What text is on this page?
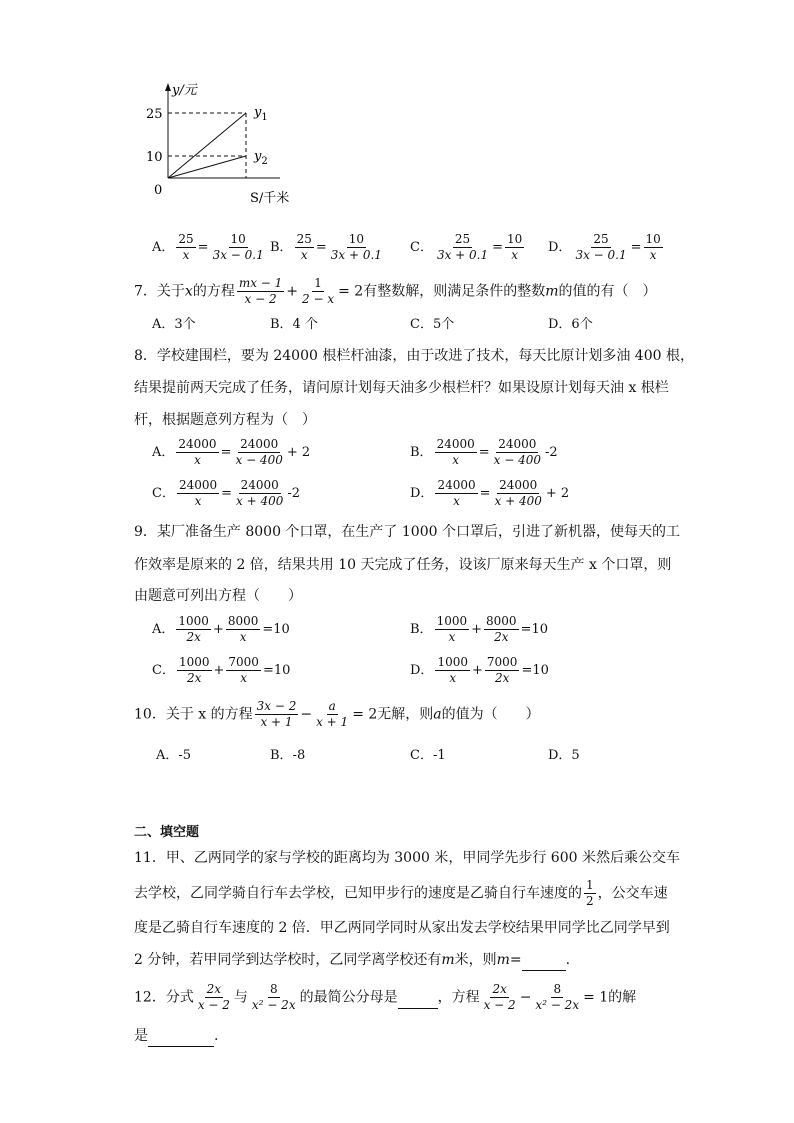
y/元
25
10
0
S/千米
$y_1$
$y_2$
A． $\frac{25}{x} = \frac{10}{3x - 0.1}$ B． $\frac{25}{x} = \frac{10}{3x + 0.1}$ C． $\frac{25}{3x + 0.1} = \frac{10}{x}$ D． $\frac{25}{3x - 0.1} = \frac{10}{x}$
7．关于x的方程 $\frac{mx - 1}{x - 2} + \frac{1}{2 - x} = 2$有整数解，则满足条件的整数m的值的有（　）
A．3个	B．4 个	C．5个	D．6个
8．学校建围栏，要为 24000 根栏杆油漆，由于改进了技术，每天比原计划多油 400 根，
结果提前两天完成了任务，请问原计划每天油多少根栏杆？如果设原计划每天油 x 根栏
杆，根据题意列方程为（　）
A． $\frac{24000}{x} = \frac{24000}{x - 400} + 2$	B． $\frac{24000}{x} = \frac{24000}{x - 400} -2$
C． $\frac{24000}{x} = \frac{24000}{x + 400} -2$	D． $\frac{24000}{x} = \frac{24000}{x + 400} + 2$
9．某厂准备生产 8000 个口罩，在生产了 1000 个口罩后，引进了新机器，使每天的工
作效率是原来的 2 倍，结果共用 10 天完成了任务，设该厂原来每天生产 x 个口罩，则
由题意可列出方程（　　）
A． $\frac{1000}{2x} + \frac{8000}{x} =10$	B． $\frac{1000}{x} + \frac{8000}{2x} =10$
C． $\frac{1000}{2x} + \frac{7000}{x} =10$	D． $\frac{1000}{x} + \frac{7000}{2x} =10$
10．关于 x 的方程 $\frac{3x - 2}{x + 1} - \frac{a}{x + 1} = 2$无解，则a的值为（　　）
A．-5	B．-8	C．-1	D．5
二、填空题
11．甲、乙两同学的家与学校的距离均为 3000 米，甲同学先步行 600 米然后乘公交车
去学校，乙同学骑自行车去学校，已知甲步行的速度是乙骑自行车速度的 $\frac{1}{2}$ ，公交车速
度是乙骑自行车速度的 2 倍．甲乙两同学同时从家出发去学校结果甲同学比乙同学早到
2 分钟，若甲同学到达学校时，乙同学离学校还有m米，则m=	.
12．分式 $\frac{2x}{x - 2}$ 与 $\frac{8}{\text{x² − 2x}}$ 的最简公分母是	，方程 $\frac{2x}{x - 2} - \frac{8}{\text{x² − 2x}} = 1$的解
是	.
